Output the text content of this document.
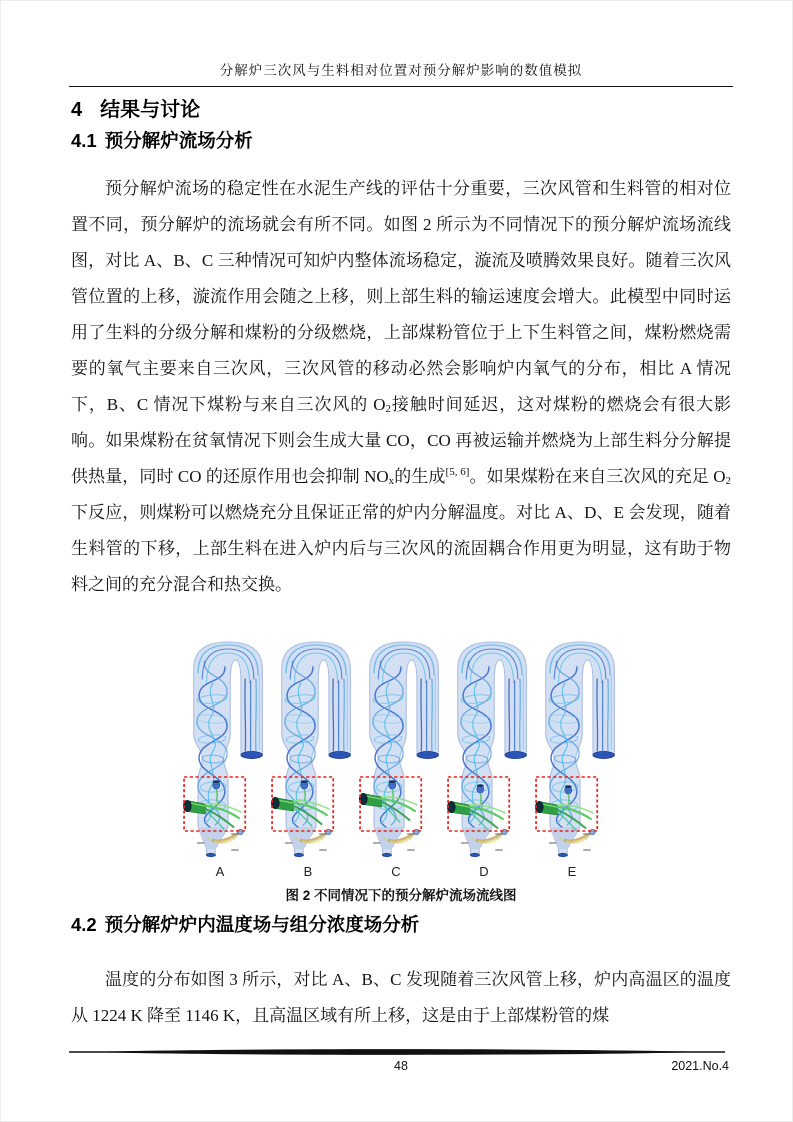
分解炉三次风与生料相对位置对预分解炉影响的数值模拟
4 结果与讨论
4.1 预分解炉流场分析

预分解炉流场的稳定性在水泥生产线的评估十分重要，三次风管和生料管的相对位置不同，预分解炉的流场就会有所不同。如图 2 所示为不同情况下的预分解炉流场流线图，对比 A、B、C 三种情况可知炉内整体流场稳定，漩流及喷腾效果良好。随着三次风管位置的上移，漩流作用会随之上移，则上部生料的输运速度会增大。此模型中同时运用了生料的分级分解和煤粉的分级燃烧，上部煤粉管位于上下生料管之间，煤粉燃烧需要的氧气主要来自三次风，三次风管的移动必然会影响炉内氧气的分布，相比 A 情况下，B、C 情况下煤粉与来自三次风的 $O_2$接触时间延迟，这对煤粉的燃烧会有很大影响。如果煤粉在贫氧情况下则会生成大量 CO，CO 再被运输并燃烧为上部生料分分解提供热量，同时 CO 的还原作用也会抑制 $NO_x$的生成[5, 6]。如果煤粉在来自三次风的充足 $O_2$下反应，则煤粉可以燃烧充分且保证正常的炉内分解温度。对比 A、D、E 会发现，随着生料管的下移，上部生料在进入炉内后与三次风的流固耦合作用更为明显，这有助于物料之间的充分混合和热交换。

A	B	C	D	E
图 2 不同情况下的预分解炉流场流线图
4.2 预分解炉炉内温度场与组分浓度场分析

温度的分布如图 3 所示，对比 A、B、C 发现随着三次风管上移，炉内高温区的温度从 1224 K 降至 1146 K，且高温区域有所上移，这是由于上部煤粉管的煤

48	2021.No.4
